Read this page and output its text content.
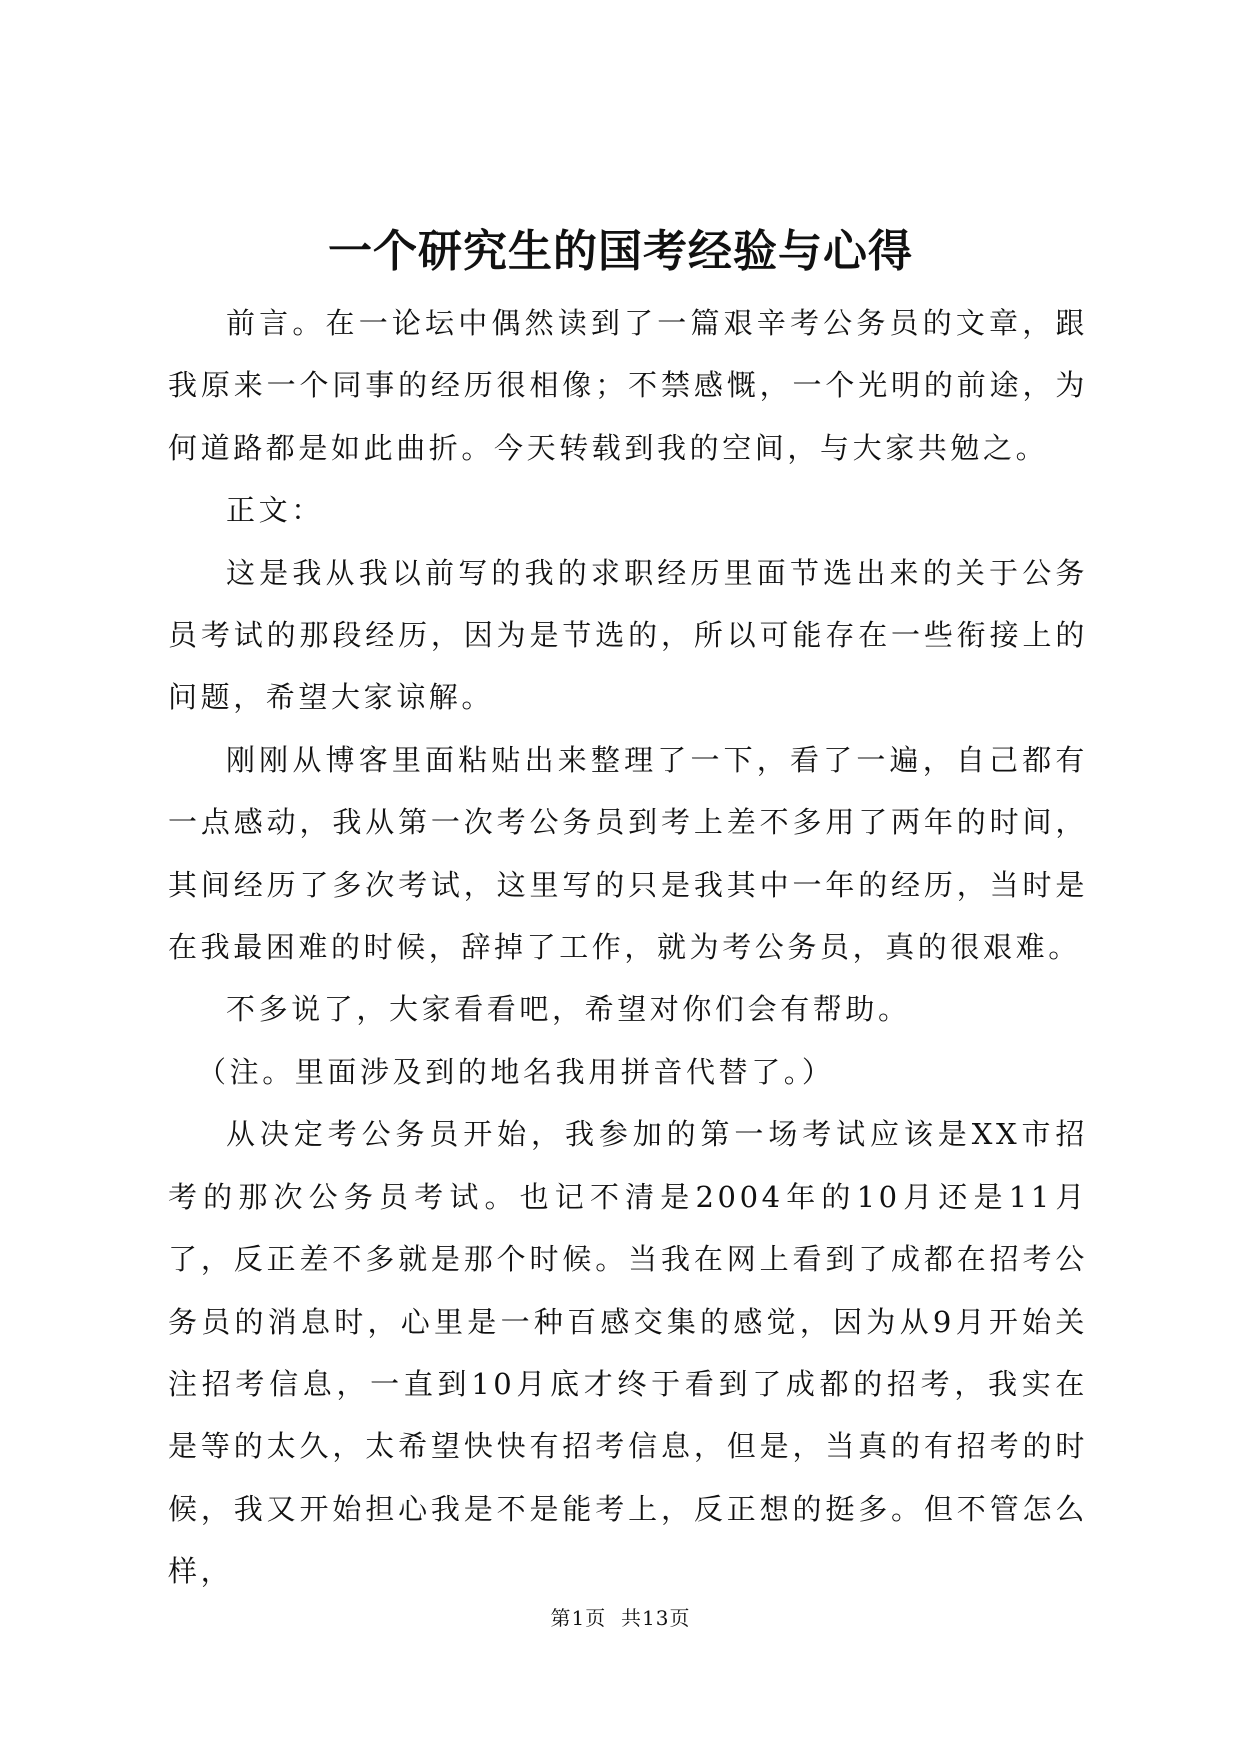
一个研究生的国考经验与心得

前言。在一论坛中偶然读到了一篇艰辛考公务员的文章，跟我原来一个同事的经历很相像；不禁感慨，一个光明的前途，为何道路都是如此曲折。今天转载到我的空间，与大家共勉之。

正文：

这是我从我以前写的我的求职经历里面节选出来的关于公务员考试的那段经历，因为是节选的，所以可能存在一些衔接上的问题，希望大家谅解。

刚刚从博客里面粘贴出来整理了一下，看了一遍，自己都有一点感动，我从第一次考公务员到考上差不多用了两年的时间，其间经历了多次考试，这里写的只是我其中一年的经历，当时是在我最困难的时候，辞掉了工作，就为考公务员，真的很艰难。

不多说了，大家看看吧，希望对你们会有帮助。

（注。里面涉及到的地名我用拼音代替了。）

从决定考公务员开始，我参加的第一场考试应该是XX市招考的那次公务员考试。也记不清是2004年的10月还是11月了，反正差不多就是那个时候。当我在网上看到了成都在招考公务员的消息时，心里是一种百感交集的感觉，因为从9月开始关注招考信息，一直到10月底才终于看到了成都的招考，我实在是等的太久，太希望快快有招考信息，但是，当真的有招考的时候，我又开始担心我是不是能考上，反正想的挺多。但不管怎么样，

第1页  共13页
